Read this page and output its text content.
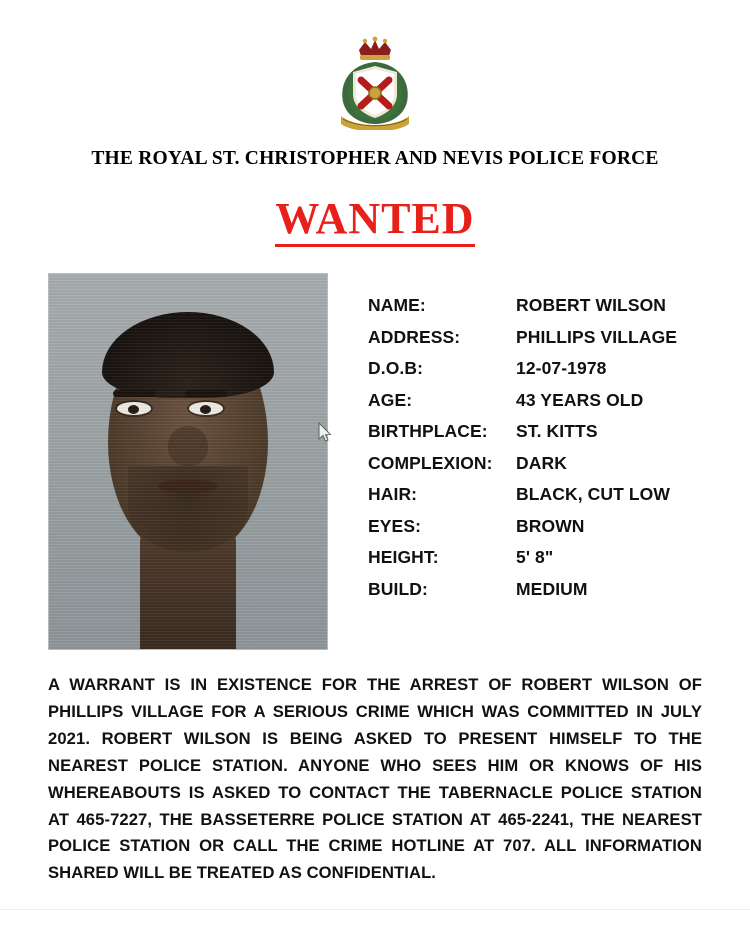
THE ROYAL ST. CHRISTOPHER AND NEVIS POLICE FORCE
WANTED
NAME:	ROBERT WILSON
ADDRESS:	PHILLIPS VILLAGE
D.O.B:	12-07-1978
AGE:	43 YEARS OLD
BIRTHPLACE:	ST. KITTS
COMPLEXION:	DARK
HAIR:	BLACK, CUT LOW
EYES:	BROWN
HEIGHT:	5' 8"
BUILD:	MEDIUM
A WARRANT IS IN EXISTENCE FOR THE ARREST OF ROBERT WILSON OF PHILLIPS VILLAGE FOR A SERIOUS CRIME WHICH WAS COMMITTED IN JULY 2021. ROBERT WILSON IS BEING ASKED TO PRESENT HIMSELF TO THE NEAREST POLICE STATION. ANYONE WHO SEES HIM OR KNOWS OF HIS WHEREABOUTS IS ASKED TO CONTACT THE TABERNACLE POLICE STATION AT 465-7227, THE BASSETERRE POLICE STATION AT 465-2241, THE NEAREST POLICE STATION OR CALL THE CRIME HOTLINE AT 707. ALL INFORMATION SHARED WILL BE TREATED AS CONFIDENTIAL.
